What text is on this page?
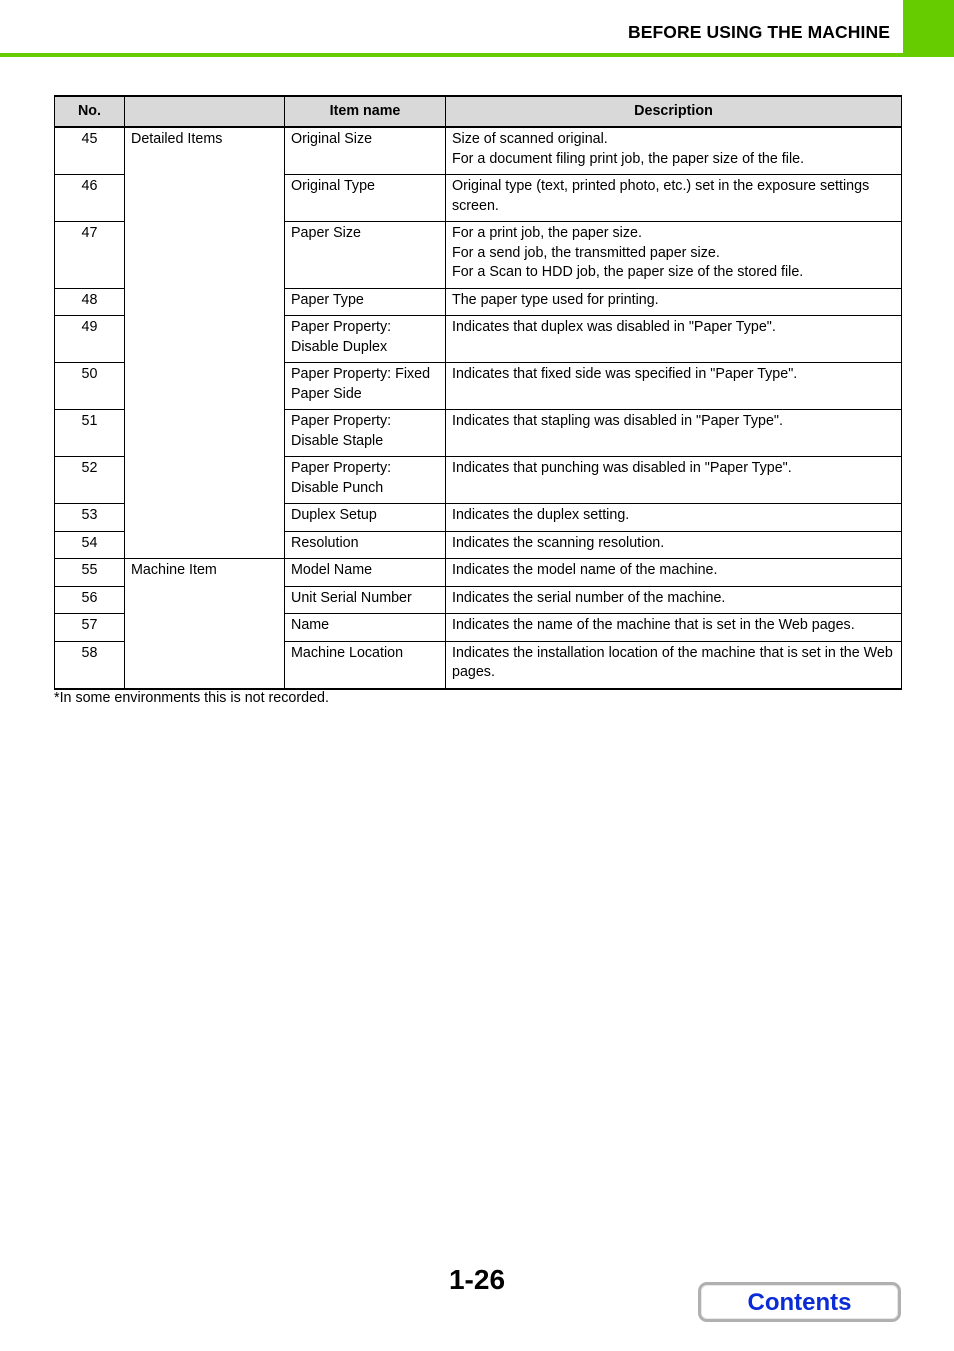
BEFORE USING THE MACHINE
No.		Item name	Description
45	Detailed Items	Original Size	Size of scanned original.
For a document filing print job, the paper size of the file.

46		Original Type	Original type (text, printed photo, etc.) set in the exposure settings screen.

47		Paper Size	For a print job, the paper size.
For a send job, the transmitted paper size.
For a Scan to HDD job, the paper size of the stored file.

48		Paper Type	The paper type used for printing.

49		Paper Property: Disable Duplex	Indicates that duplex was disabled in "Paper Type".

50		Paper Property: Fixed Paper Side	Indicates that fixed side was specified in "Paper Type".

51		Paper Property: Disable Staple	Indicates that stapling was disabled in "Paper Type".

52		Paper Property: Disable Punch	Indicates that punching was disabled in "Paper Type".

53		Duplex Setup	Indicates the duplex setting.

54		Resolution	Indicates the scanning resolution.

55	Machine Item	Model Name	Indicates the model name of the machine.

56		Unit Serial Number	Indicates the serial number of the machine.

57		Name	Indicates the name of the machine that is set in the Web pages.

58		Machine Location	Indicates the installation location of the machine that is set in the Web pages.
*In some environments this is not recorded.
1-26
Contents
